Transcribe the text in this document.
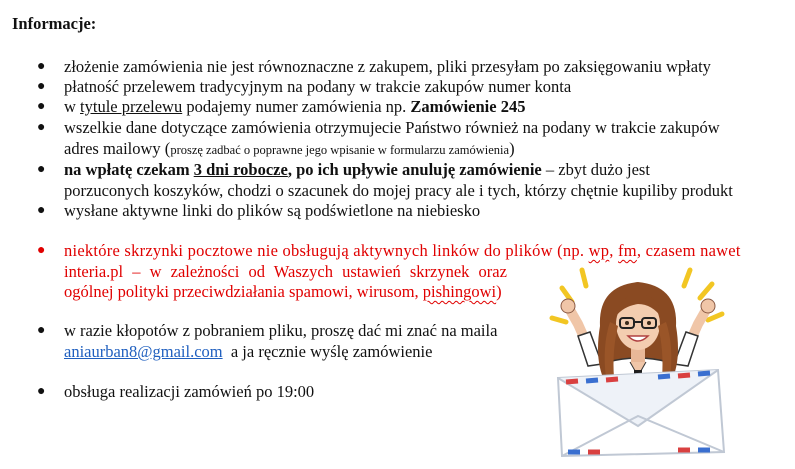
Informacje:
● złożenie zamówienia nie jest równoznaczne z zakupem, pliki przesyłam po zaksięgowaniu wpłaty
● płatność przelewem tradycyjnym na podany w trakcie zakupów numer konta
● w tytule przelewu podajemy numer zamówienia np. Zamówienie 245
● wszelkie dane dotyczące zamówienia otrzymujecie Państwo również na podany w trakcie zakupów
adres mailowy (proszę zadbać o poprawne jego wpisanie w formularzu zamówienia)
● na wpłatę czekam 3 dni robocze, po ich upływie anuluję zamówienie – zbyt dużo jest
porzuconych koszyków, chodzi o szacunek do mojej pracy ale i tych, którzy chętnie kupiliby produkt
● wysłane aktywne linki do plików są podświetlone na niebiesko
● niektóre skrzynki pocztowe nie obsługują aktywnych linków do plików (np. wp, fm, czasem nawet
interia.pl – w zależności od Waszych ustawień skrzynek oraz
ogólnej polityki przeciwdziałania spamowi, wirusom, pishingowi)
● w razie kłopotów z pobraniem pliku, proszę dać mi znać na maila
aniaurban8@gmail.com  a ja ręcznie wyślę zamówienie
● obsługa realizacji zamówień po 19:00
